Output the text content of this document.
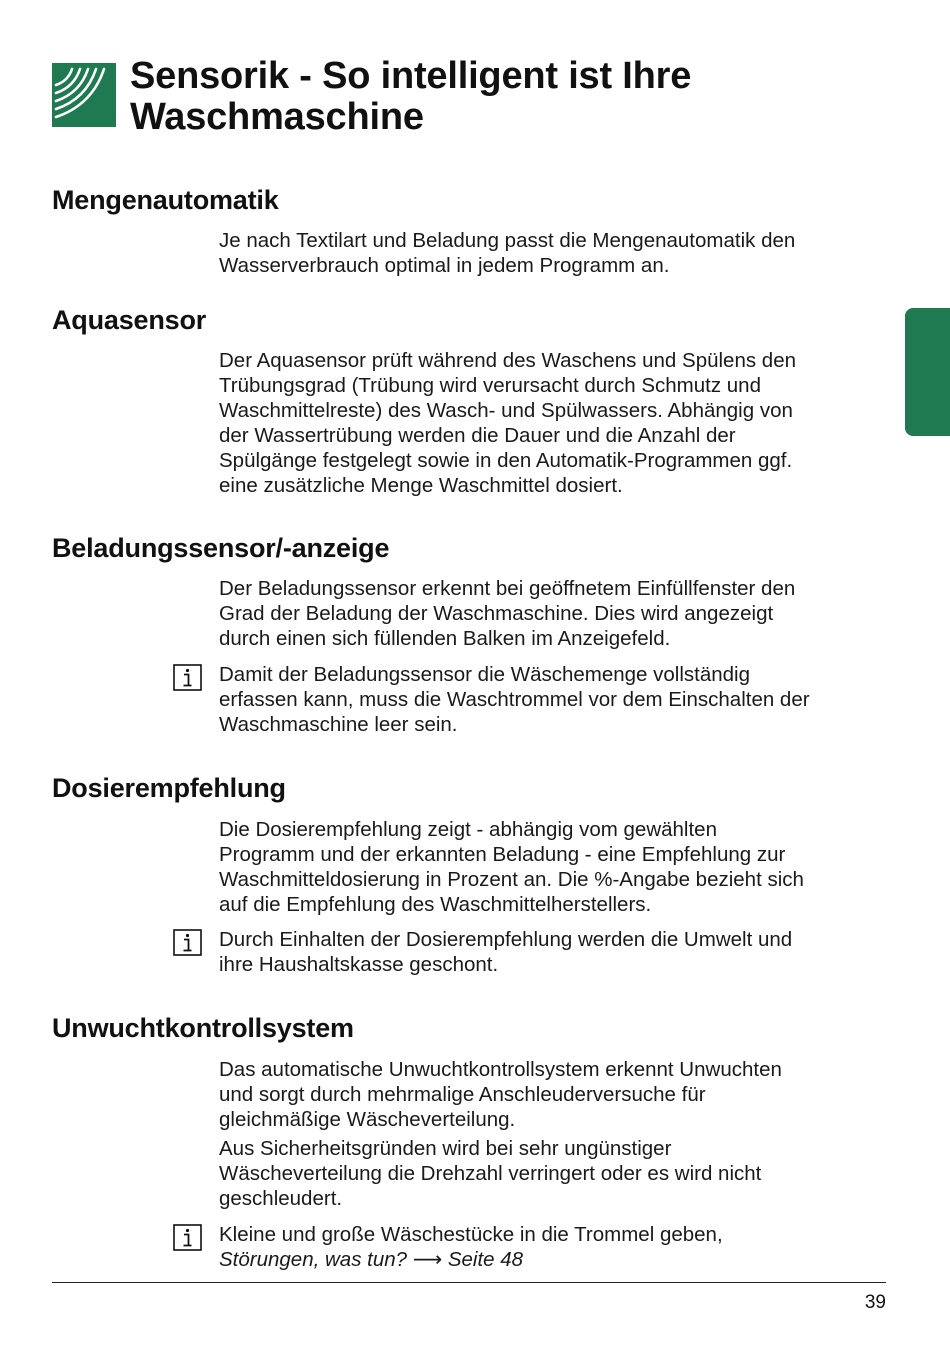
Sensorik - So intelligent ist Ihre
Waschmaschine
Mengenautomatik

Je nach Textilart und Beladung passt die Mengenautomatik den
Wasserverbrauch optimal in jedem Programm an.

Aquasensor

Der Aquasensor prüft während des Waschens und Spülens den
Trübungsgrad (Trübung wird verursacht durch Schmutz und
Waschmittelreste) des Wasch- und Spülwassers. Abhängig von
der Wassertrübung werden die Dauer und die Anzahl der
Spülgänge festgelegt sowie in den Automatik-Programmen ggf.
eine zusätzliche Menge Waschmittel dosiert.

Beladungssensor/-anzeige

Der Beladungssensor erkennt bei geöffnetem Einfüllfenster den
Grad der Beladung der Waschmaschine. Dies wird angezeigt
durch einen sich füllenden Balken im Anzeigefeld.

Damit der Beladungssensor die Wäschemenge vollständig
erfassen kann, muss die Waschtrommel vor dem Einschalten der
Waschmaschine leer sein.

Dosierempfehlung

Die Dosierempfehlung zeigt - abhängig vom gewählten
Programm und der erkannten Beladung - eine Empfehlung zur
Waschmitteldosierung in Prozent an. Die %-Angabe bezieht sich
auf die Empfehlung des Waschmittelherstellers.

Durch Einhalten der Dosierempfehlung werden die Umwelt und
ihre Haushaltskasse geschont.

Unwuchtkontrollsystem

Das automatische Unwuchtkontrollsystem erkennt Unwuchten
und sorgt durch mehrmalige Anschleuderversuche für
gleichmäßige Wäscheverteilung.

Aus Sicherheitsgründen wird bei sehr ungünstiger
Wäscheverteilung die Drehzahl verringert oder es wird nicht
geschleudert.

Kleine und große Wäschestücke in die Trommel geben,
Störungen, was tun? ⟶ Seite 48

39
